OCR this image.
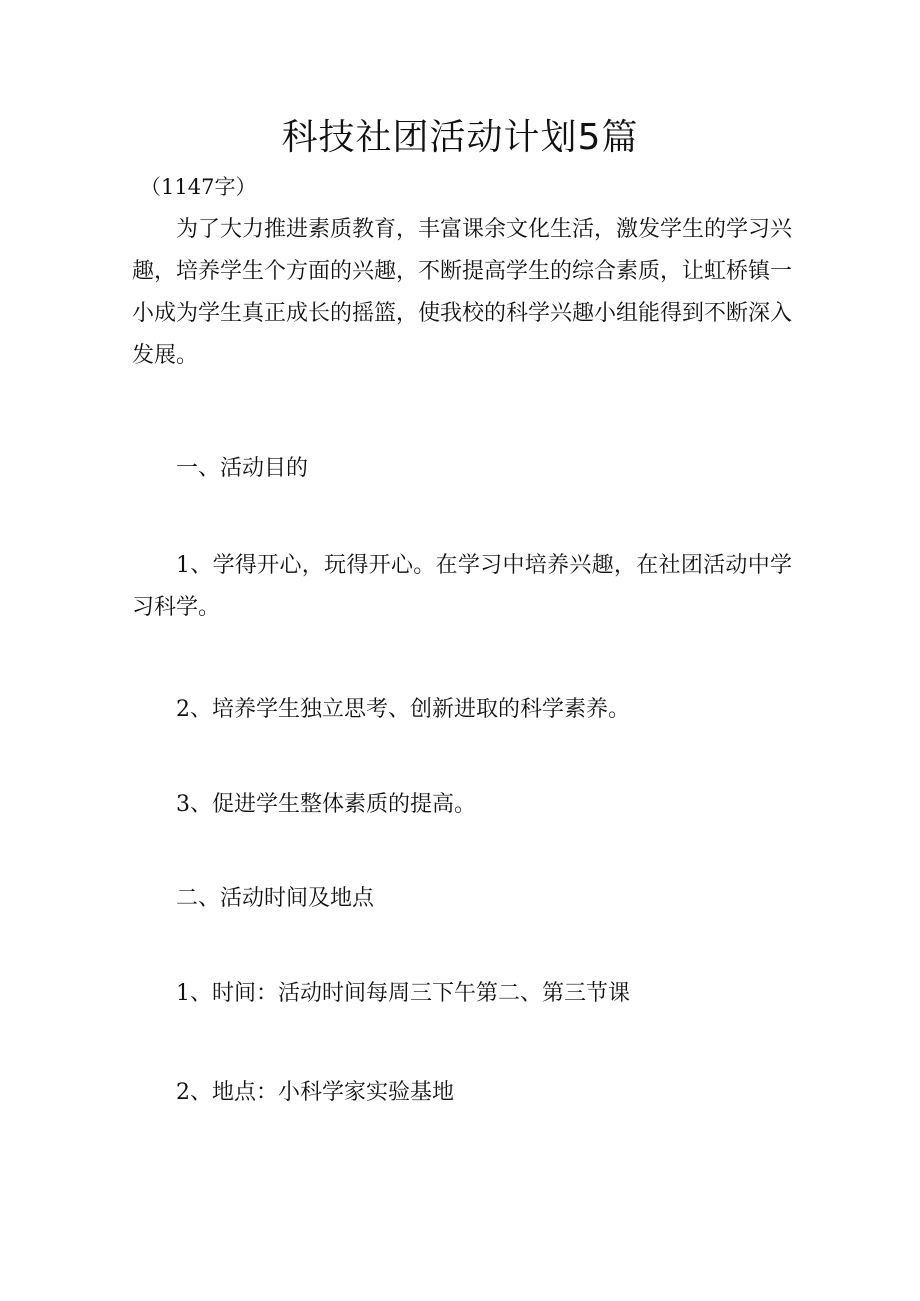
科技社团活动计划5篇
（1147字）

为了大力推进素质教育，丰富课余文化生活，激发学生的学习兴趣，培养学生个方面的兴趣，不断提高学生的综合素质，让虹桥镇一小成为学生真正成长的摇篮，使我校的科学兴趣小组能得到不断深入发展。

一、活动目的

1、学得开心，玩得开心。在学习中培养兴趣，在社团活动中学习科学。

2、培养学生独立思考、创新进取的科学素养。

3、促进学生整体素质的提高。

二、活动时间及地点

1、时间：活动时间每周三下午第二、第三节课

2、地点：小科学家实验基地
